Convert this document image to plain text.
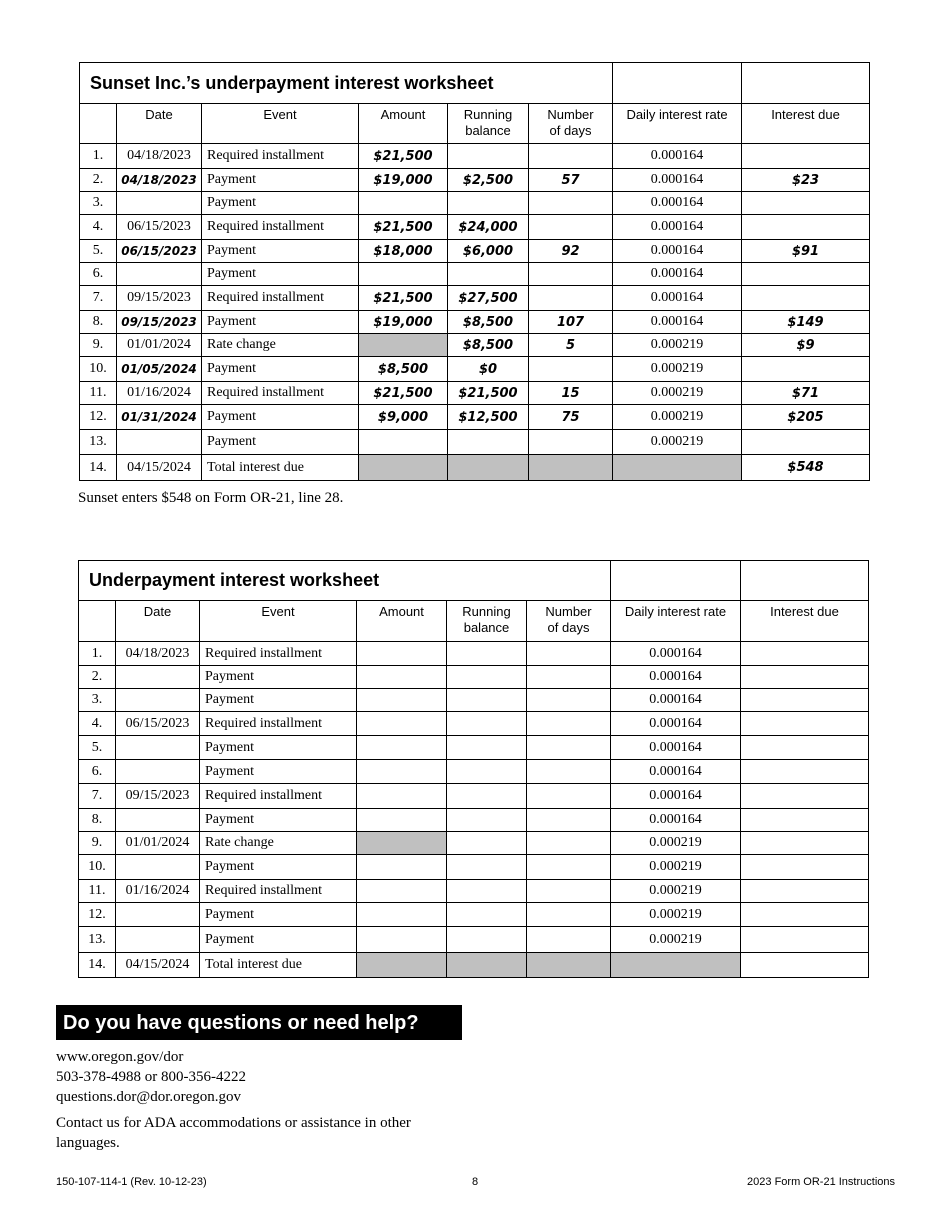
Sunset Inc.’s underpayment interest worksheet							
	Date	Event	Amount	Running
balance	Number
of days	Daily interest rate	Interest due
1.	04/18/2023	Required installment	$21,500			0.000164	
2.	04/18/2023	Payment	$19,000	$2,500	57	0.000164	$23
3.		Payment				0.000164	
4.	06/15/2023	Required installment	$21,500	$24,000		0.000164	
5.	06/15/2023	Payment	$18,000	$6,000	92	0.000164	$91
6.		Payment				0.000164	
7.	09/15/2023	Required installment	$21,500	$27,500		0.000164	
8.	09/15/2023	Payment	$19,000	$8,500	107	0.000164	$149
9.	01/01/2024	Rate change		$8,500	5	0.000219	$9
10.	01/05/2024	Payment	$8,500	$0		0.000219	
11.	01/16/2024	Required installment	$21,500	$21,500	15	0.000219	$71
12.	01/31/2024	Payment	$9,000	$12,500	75	0.000219	$205
13.		Payment				0.000219	
14.	04/15/2024	Total interest due					$548
Sunset enters $548 on Form OR-21, line 28.
Underpayment interest worksheet							
	Date	Event	Amount	Running
balance	Number
of days	Daily interest rate	Interest due
1.	04/18/2023	Required installment				0.000164	
2.		Payment				0.000164	
3.		Payment				0.000164	
4.	06/15/2023	Required installment				0.000164	
5.		Payment				0.000164	
6.		Payment				0.000164	
7.	09/15/2023	Required installment				0.000164	
8.		Payment				0.000164	
9.	01/01/2024	Rate change				0.000219	
10.		Payment				0.000219	
11.	01/16/2024	Required installment				0.000219	
12.		Payment				0.000219	
13.		Payment				0.000219	
14.	04/15/2024	Total interest due					
Do you have questions or need help?
www.oregon.gov/dor
503-378-4988 or 800-356-4222
questions.dor@dor.oregon.gov
Contact us for ADA accommodations or assistance in other languages.
150-107-114-1 (Rev. 10-12-23)	8	2023 Form OR-21 Instructions
